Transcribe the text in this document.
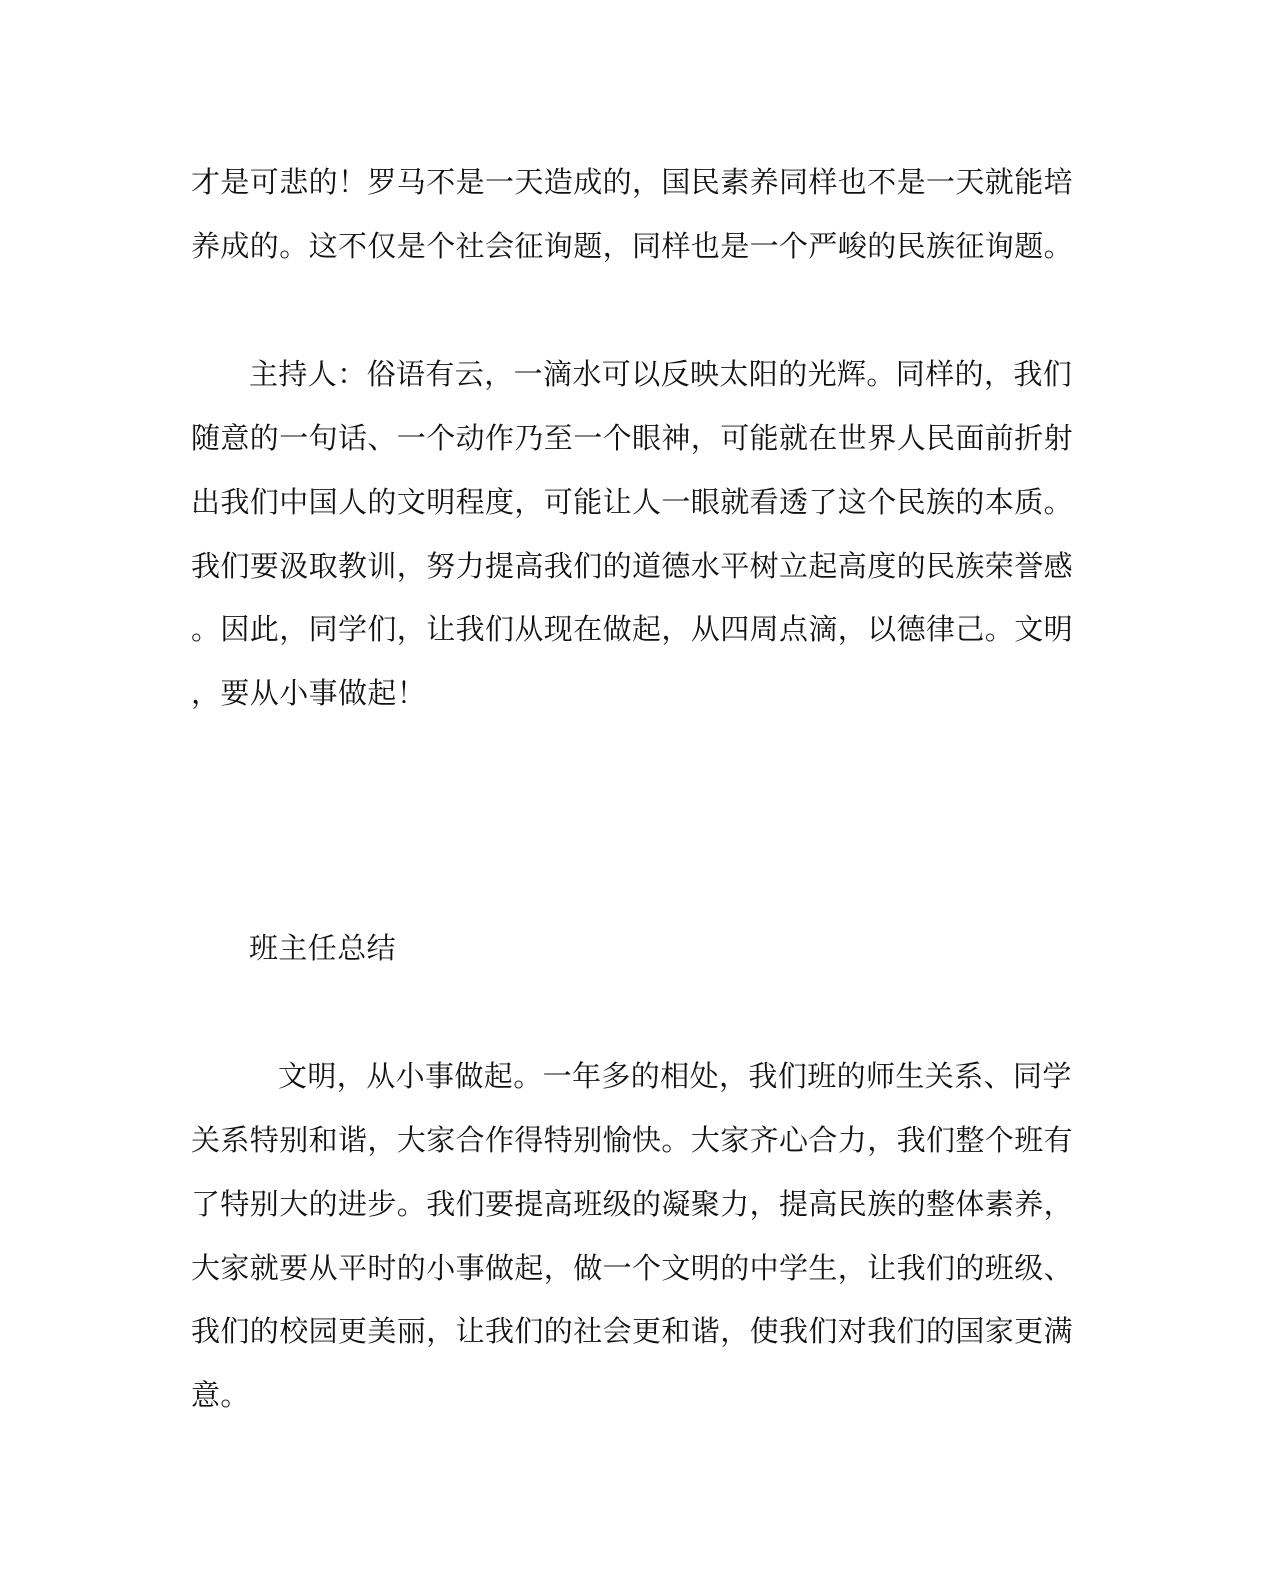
才是可悲的！罗马不是一天造成的，国民素养同样也不是一天就能培
养成的。这不仅是个社会征询题，同样也是一个严峻的民族征询题。
主持人：俗语有云，一滴水可以反映太阳的光辉。同样的，我们
随意的一句话、一个动作乃至一个眼神，可能就在世界人民面前折射
出我们中国人的文明程度，可能让人一眼就看透了这个民族的本质。
我们要汲取教训，努力提高我们的道德水平树立起高度的民族荣誉感
。因此，同学们，让我们从现在做起，从四周点滴，以德律己。文明
，要从小事做起！
班主任总结
文明，从小事做起。一年多的相处，我们班的师生关系、同学
关系特别和谐，大家合作得特别愉快。大家齐心合力，我们整个班有
了特别大的进步。我们要提高班级的凝聚力，提高民族的整体素养，
大家就要从平时的小事做起，做一个文明的中学生，让我们的班级、
我们的校园更美丽，让我们的社会更和谐，使我们对我们的国家更满
意。
